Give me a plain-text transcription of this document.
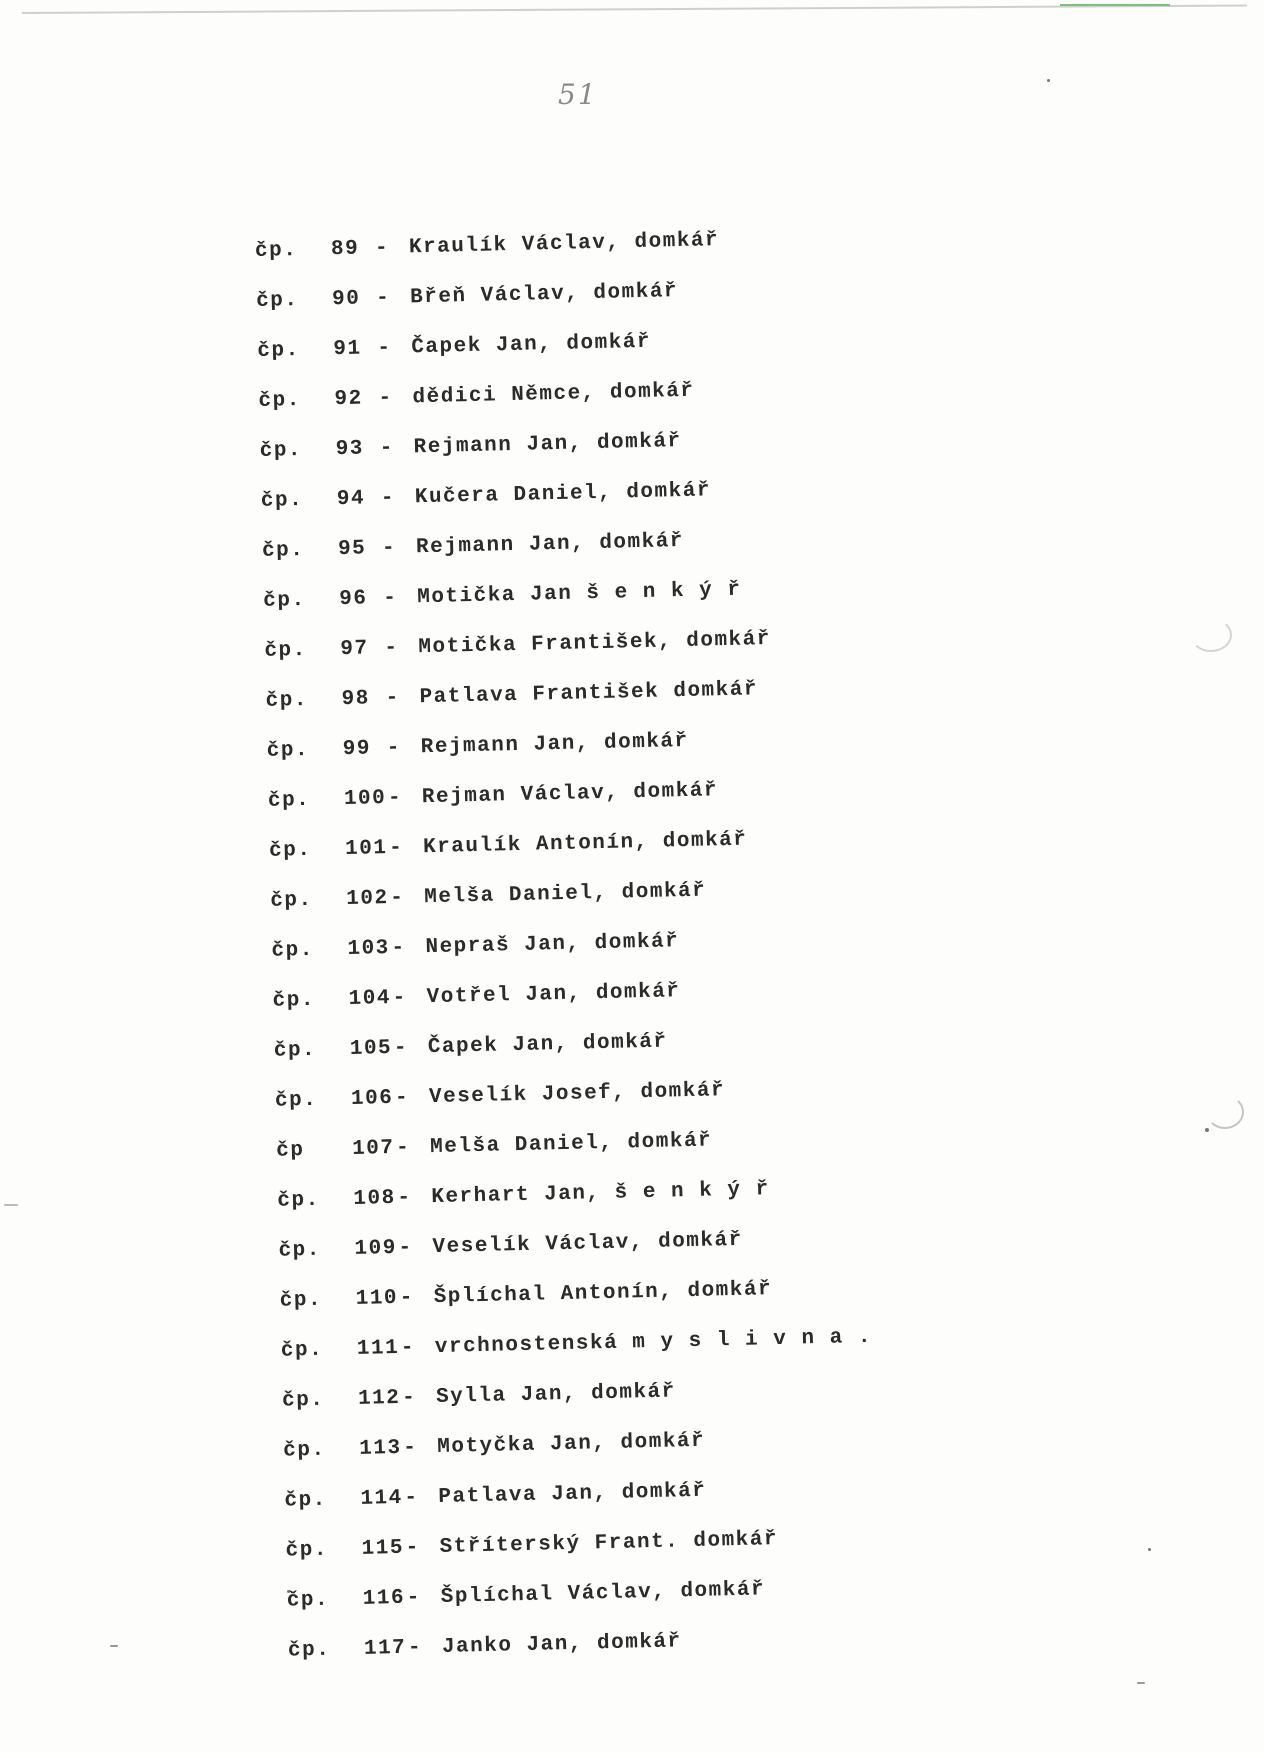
51
čp. 89 - Kraulík Václav, domkář
čp. 90 - Břeň Václav, domkář
čp. 91 - Čapek Jan, domkář
čp. 92 - dědici Němce, domkář
čp. 93 - Rejmann Jan, domkář
čp. 94 - Kučera Daniel, domkář
čp. 95 - Rejmann Jan, domkář
čp. 96 - Motička Jan š e n k ý ř
čp. 97 - Motička František, domkář
čp. 98 - Patlava František domkář
čp. 99 - Rejmann Jan, domkář
čp. 100- Rejman Václav, domkář
čp. 101- Kraulík Antonín, domkář
čp. 102- Melša Daniel, domkář
čp. 103- Nepraš Jan, domkář
čp. 104- Votřel Jan, domkář
čp. 105- Čapek Jan, domkář
čp. 106- Veselík Josef, domkář
čp 107- Melša Daniel, domkář
čp. 108- Kerhart Jan, š e n k ý ř
čp. 109- Veselík Václav, domkář
čp. 110- Šplíchal Antonín, domkář
čp. 111- vrchnostenská m y s l i v n a .
čp. 112- Sylla Jan, domkář
čp. 113- Motyčka Jan, domkář
čp. 114- Patlava Jan, domkář
čp. 115- Stříterský Frant. domkář
čp. 116- Šplíchal Václav, domkář
čp. 117- Janko Jan, domkář
